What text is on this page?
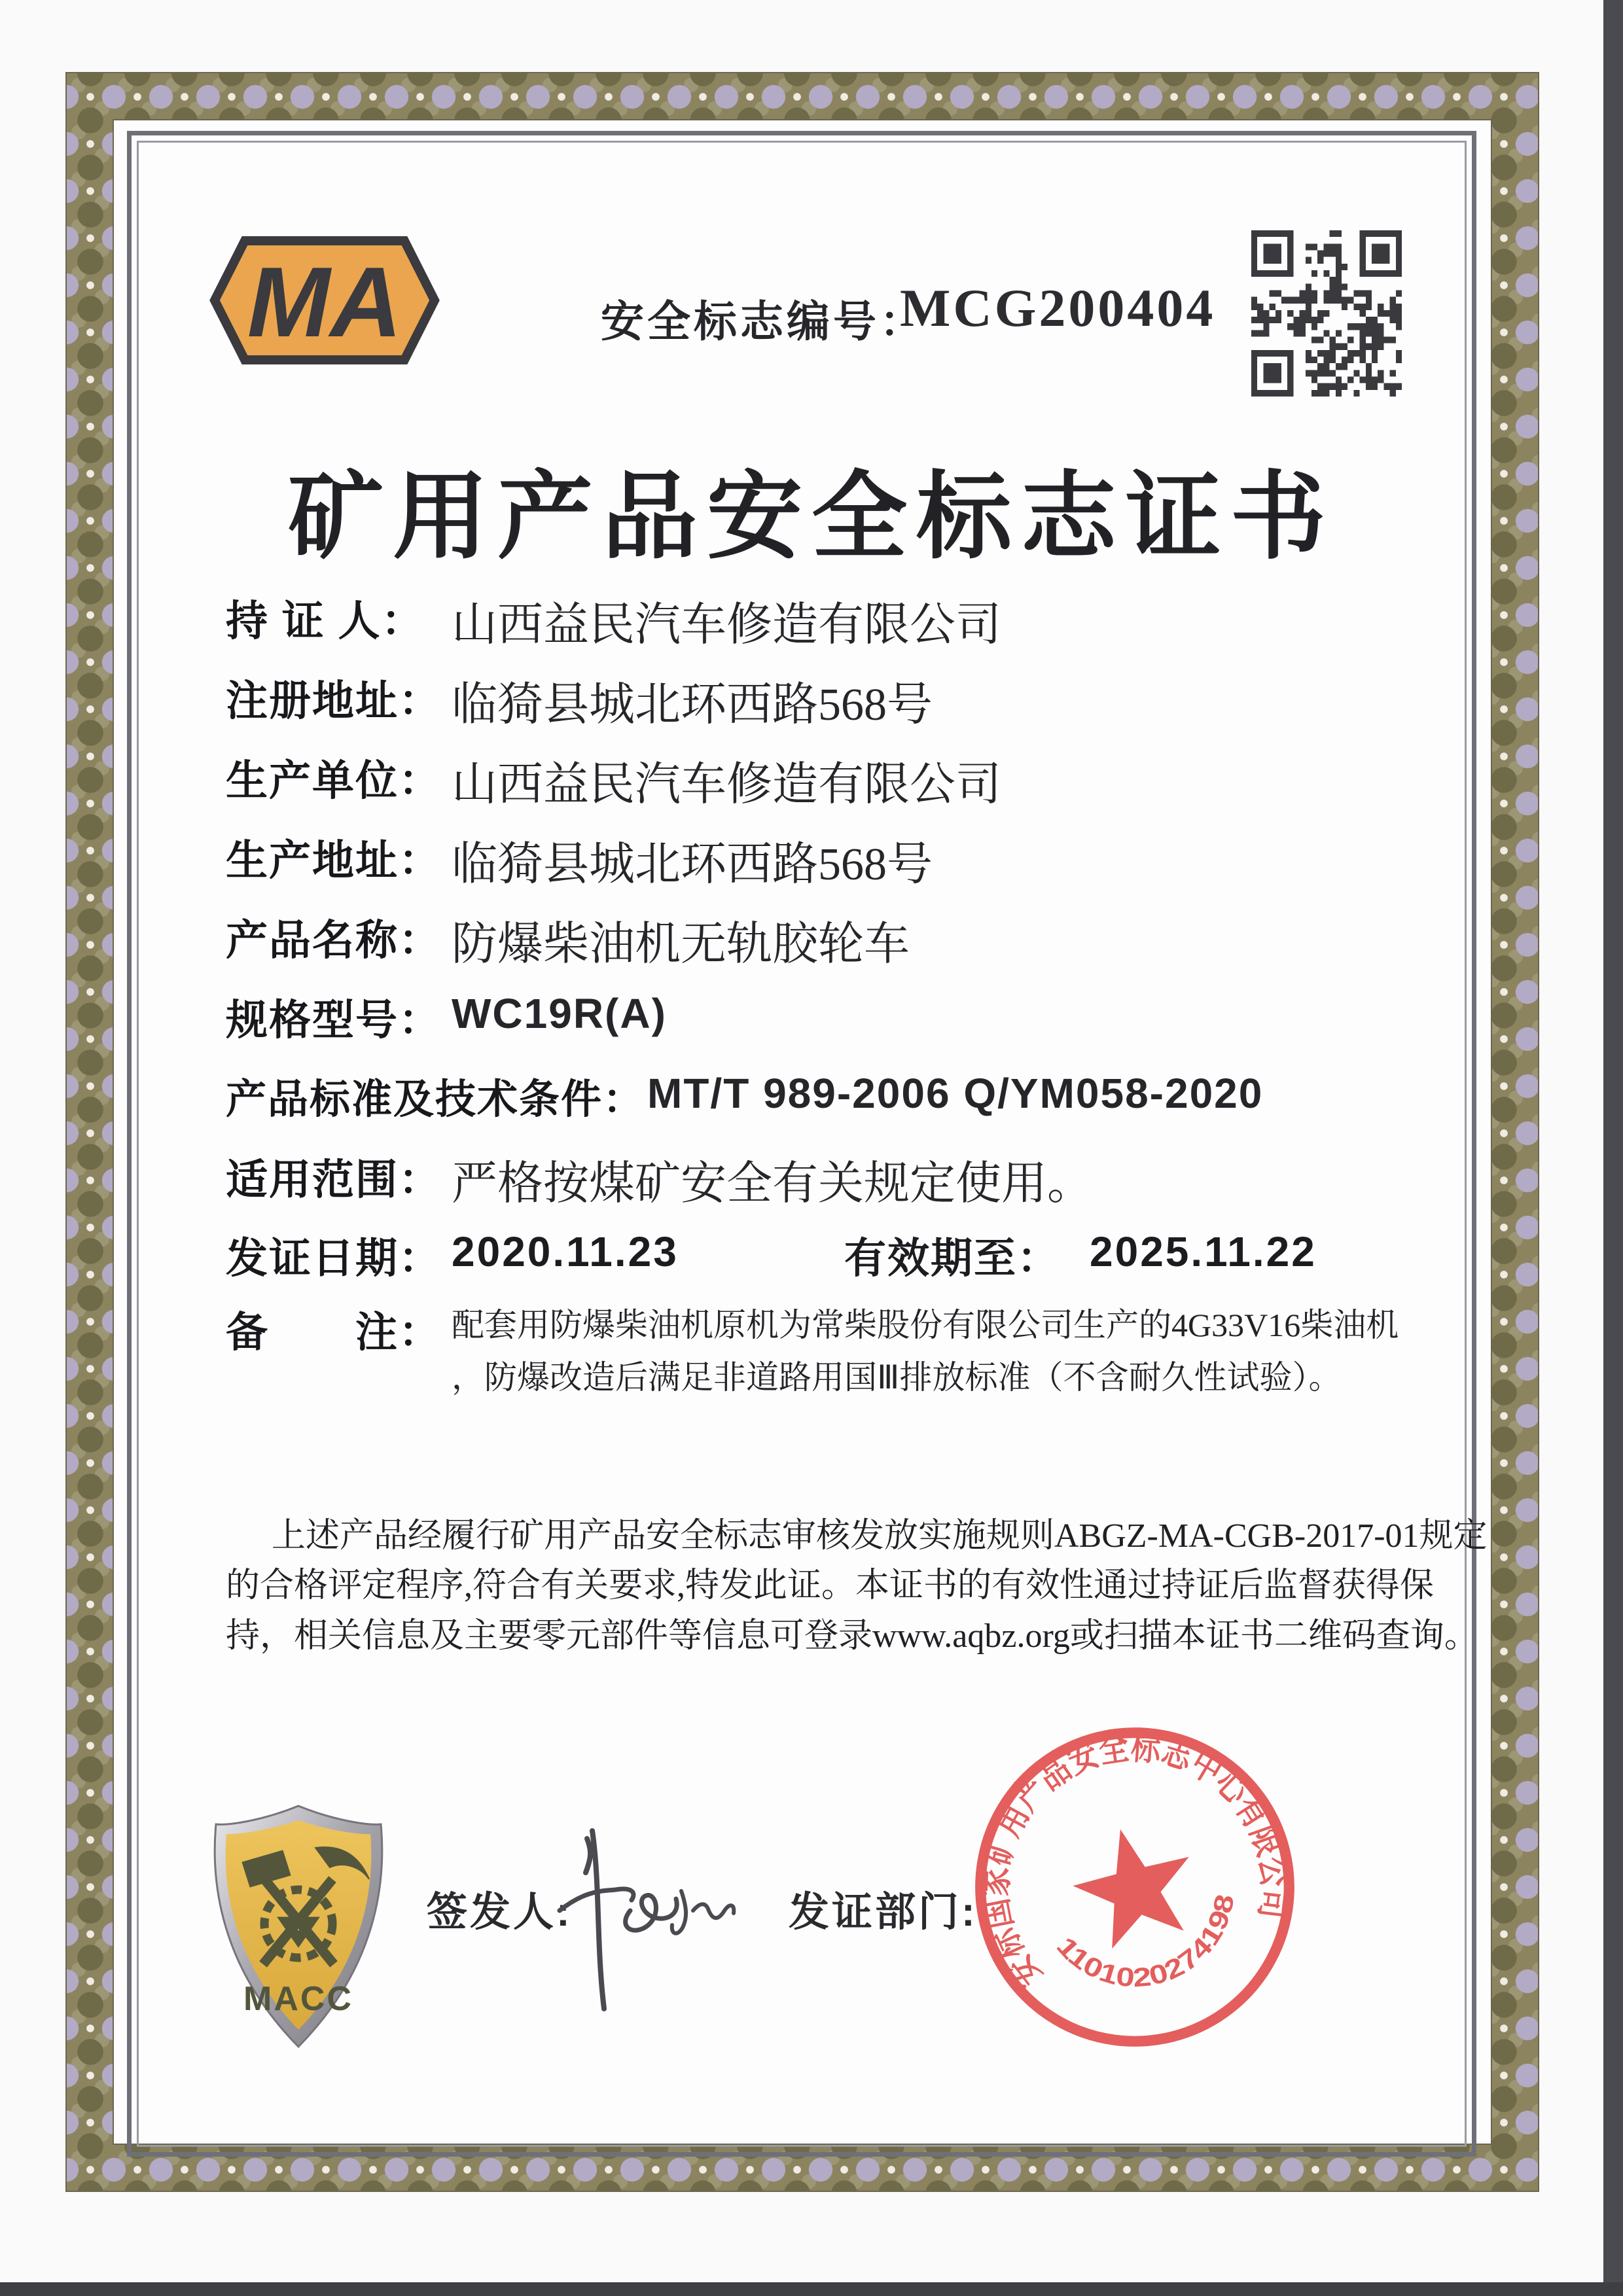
MA	安全标志编号：
MCG200404
矿用产品安全标志证书
持 证 人： 山西益民汽车修造有限公司
注册地址： 临猗县城北环西路568号
生产单位： 山西益民汽车修造有限公司
生产地址： 临猗县城北环西路568号
产品名称： 防爆柴油机无轨胶轮车
规格型号： WC19R(A)
产品标准及技术条件： MT/T 989-2006 Q/YM058-2020
适用范围： 严格按煤矿安全有关规定使用。
发证日期： 2020.11.23	有效期至： 2025.11.22
备　　注： 配套用防爆柴油机原机为常柴股份有限公司生产的4G33V16柴油机 ，防爆改造后满足非道路用国Ⅲ排放标准（不含耐久性试验）。
上述产品经履行矿用产品安全标志审核发放实施规则ABGZ-MA-CGB-2017-01规定
的合格评定程序,符合有关要求,特发此证。本证书的有效性通过持证后监督获得保
持，相关信息及主要零元部件等信息可登录www.aqbz.org或扫描本证书二维码查询。
MACC
签发人:	发证部门:
安标国家矿用产品安全标志中心有限公司
1101020274198
